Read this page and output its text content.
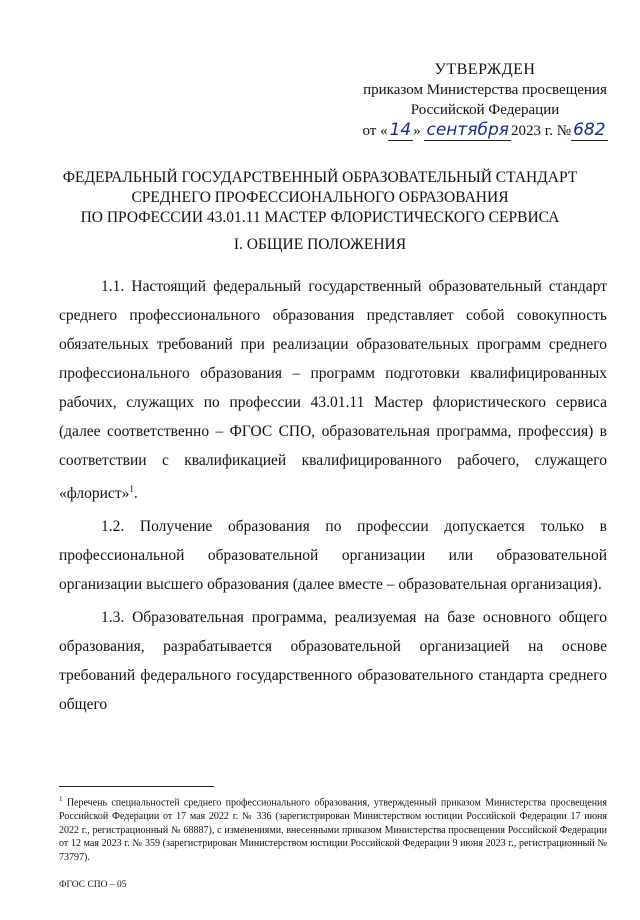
УТВЕРЖДЕН
приказом Министерства просвещения
Российской Федерации
от « 14 » сентября 2023 г. № 682
ФЕДЕРАЛЬНЫЙ ГОСУДАРСТВЕННЫЙ ОБРАЗОВАТЕЛЬНЫЙ СТАНДАРТ
СРЕДНЕГО ПРОФЕССИОНАЛЬНОГО ОБРАЗОВАНИЯ
ПО ПРОФЕССИИ 43.01.11 МАСТЕР ФЛОРИСТИЧЕСКОГО СЕРВИСА
I. ОБЩИЕ ПОЛОЖЕНИЯ

1.1. Настоящий федеральный государственный образовательный стандарт среднего профессионального образования представляет собой совокупность обязательных требований при реализации образовательных программ среднего профессионального образования – программ подготовки квалифицированных рабочих, служащих по профессии 43.01.11 Мастер флористического сервиса (далее соответственно – ФГОС СПО, образовательная программа, профессия) в соответствии с квалификацией квалифицированного рабочего, служащего «флорист»$^1$.

1.2. Получение образования по профессии допускается только в профессиональной образовательной организации или образовательной организации высшего образования (далее вместе – образовательная организация).

1.3. Образовательная программа, реализуемая на базе основного общего образования, разрабатывается образовательной организацией на основе требований федерального государственного образовательного стандарта среднего общего

$^1$ Перечень специальностей среднего профессионального образования, утвержденный приказом Министерства просвещения Российской Федерации от 17 мая 2022 г. № 336 (зарегистрирован Министерством юстиции Российской Федерации 17 июня 2022 г., регистрационный № 68887), с изменениями, внесенными приказом Министерства просвещения Российской Федерации от 12 мая 2023 г. № 359 (зарегистрирован Министерством юстиции Российской Федерации 9 июня 2023 г., регистрационный № 73797).
ФГОС СПО – 05
